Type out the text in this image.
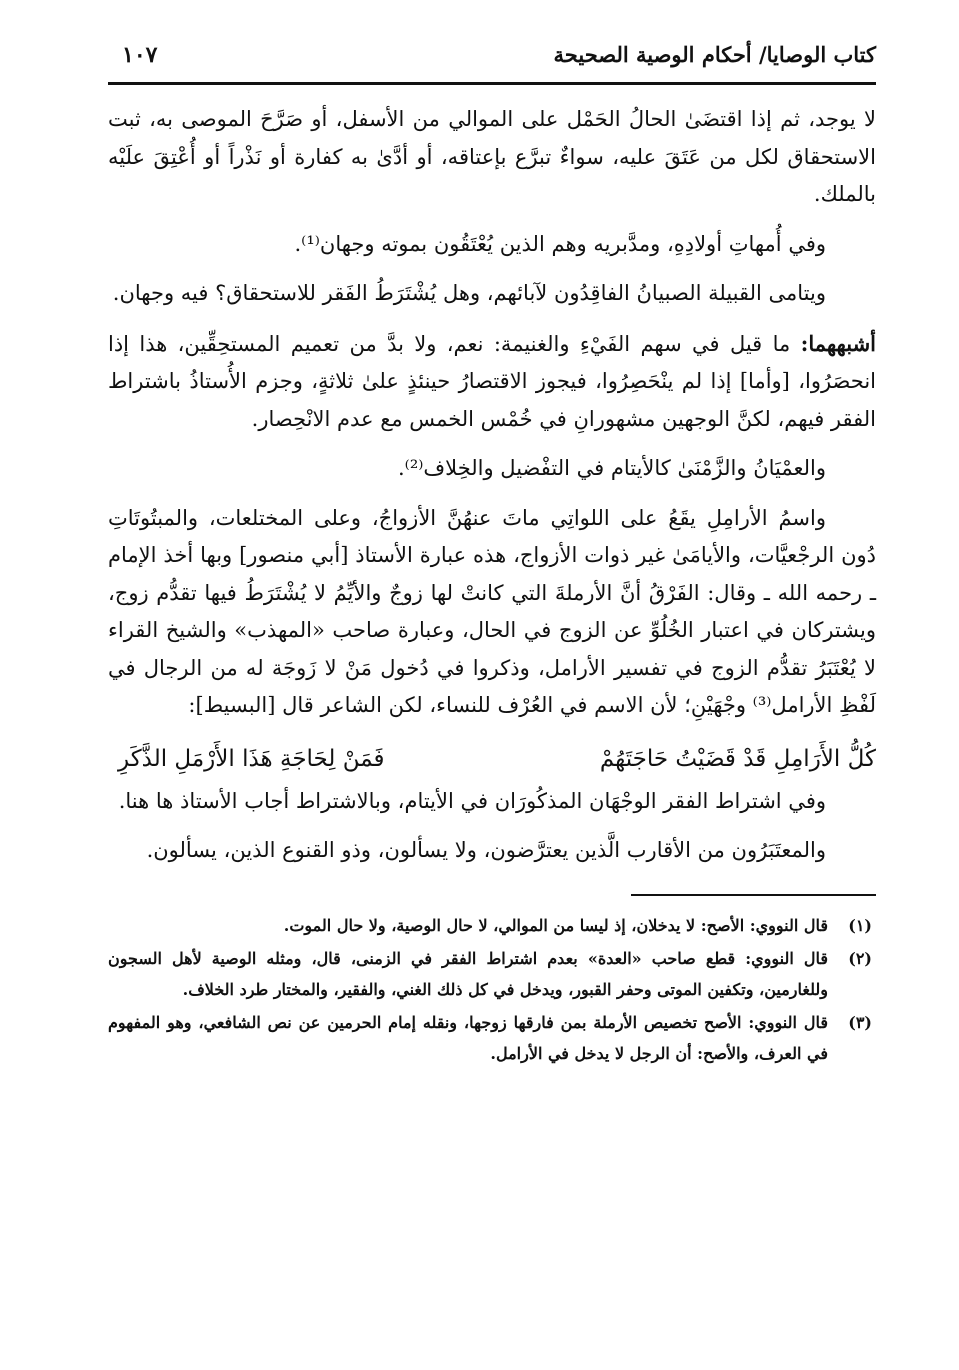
كتاب الوصايا/ أحكام الوصية الصحيحة
١٠٧

لا يوجد، ثم إذا اقتضَىٰ الحالُ الحَمْل على الموالي من الأسفل، أو صَرَّحَ الموصى به، ثبت الاستحقاق لكل من عَتَقَ عليه، سواءٌ تبرَّع بإعتاقه، أو أدَّىٰ به كفارة أو نَذْراً أو أُعْتِقَ علَيْه بالملك.

وفي أُمهاتِ أولادِهِ، ومدَّبريه وهم الذين يُعْتَقُون بموته وجهان⁽¹⁾.

ويتامى القبيلة الصبيانُ الفاقِدُون لآبائهم، وهل يُشْتَرَطُ الفَقر للاستحقاق؟ فيه وجهان.

أشبههما: ما قيل في سهم الفَيْءِ والغنيمة: نعم، ولا بدَّ من تعميم المستحِقِّين، هذا إذا انحصَرُوا، [وأما] إذا لم ينْحَصِرُوا، فيجوز الاقتصارُ حينئذٍ علىٰ ثلاثةٍ، وجزم الأُستاذُ باشتراط الفقر فيهم، لكنَّ الوجهين مشهورانِ في خُمْس الخمس مع عدم الانْحِصار.

والعمْيَانُ والزَّمْنَىٰ كالأيتام في التفْضيل والخِلاف⁽²⁾.

واسمُ الأرامِلِ يقَعُ على اللواتِي ماتَ عنهُنَّ الأزواجُ، وعلى المختلعات، والمبتُوتَاتِ دُون الرجْعيَّات، والأيامَىٰ غير ذوات الأزواج، هذه عبارة الأستاذ [أبي منصور] وبها أخذ الإمام ـ رحمه الله ـ وقال: الفَرْقُ أنَّ الأرملةَ التي كانتْ لها زوجٌ والأيِّمُ لا يُشْتَرَطُ فيها تقدُّم زوج، ويشتركان في اعتبار الخُلُوِّ عن الزوج في الحال، وعبارة صاحب «المهذب» والشيخ القراء لا يُعْتَبَرُ تقدُّم الزوج في تفسير الأرامل، وذكروا في دُخول مَنْ لا زَوجَة له من الرجال في لَفْظِ الأرامل⁽³⁾ وجْهَيْنِ؛ لأن الاسم في العُرْف للنساء، لكن الشاعر قال [البسيط]:

كُلُّ الأَرَامِلِ قَدْ قَضَيْتُ حَاجَتَهُمْ
فَمَنْ لِحَاجَةِ هَذَا الأَرْمَلِ الذَّكَرِ

وفي اشتراط الفقر الوجْهَان المذكُورَان في الأيتام، وبالاشتراط أجاب الأستاذ ها هنا.

والمعتَبَرُون من الأقارب الَّذين يعترَّضون، ولا يسألون، وذو القنوع الذين، يسألون.

(١)
قال النووي: الأصح: لا يدخلان، إذ ليسا من الموالي، لا حال الوصية، ولا حال الموت.
(٢)
قال النووي: قطع صاحب «العدة» بعدم اشتراط الفقر في الزمنى، قال، ومثله الوصية لأهل السجون وللغارمين، وتكفين الموتى وحفر القبور، ويدخل في كل ذلك الغني، والفقير، والمختار طرد الخلاف.
(٣)
قال النووي: الأصح تخصيص الأرملة بمن فارقها زوجها، ونقله إمام الحرمين عن نص الشافعي، وهو المفهوم في العرف، والأصح: أن الرجل لا يدخل في الأرامل.
